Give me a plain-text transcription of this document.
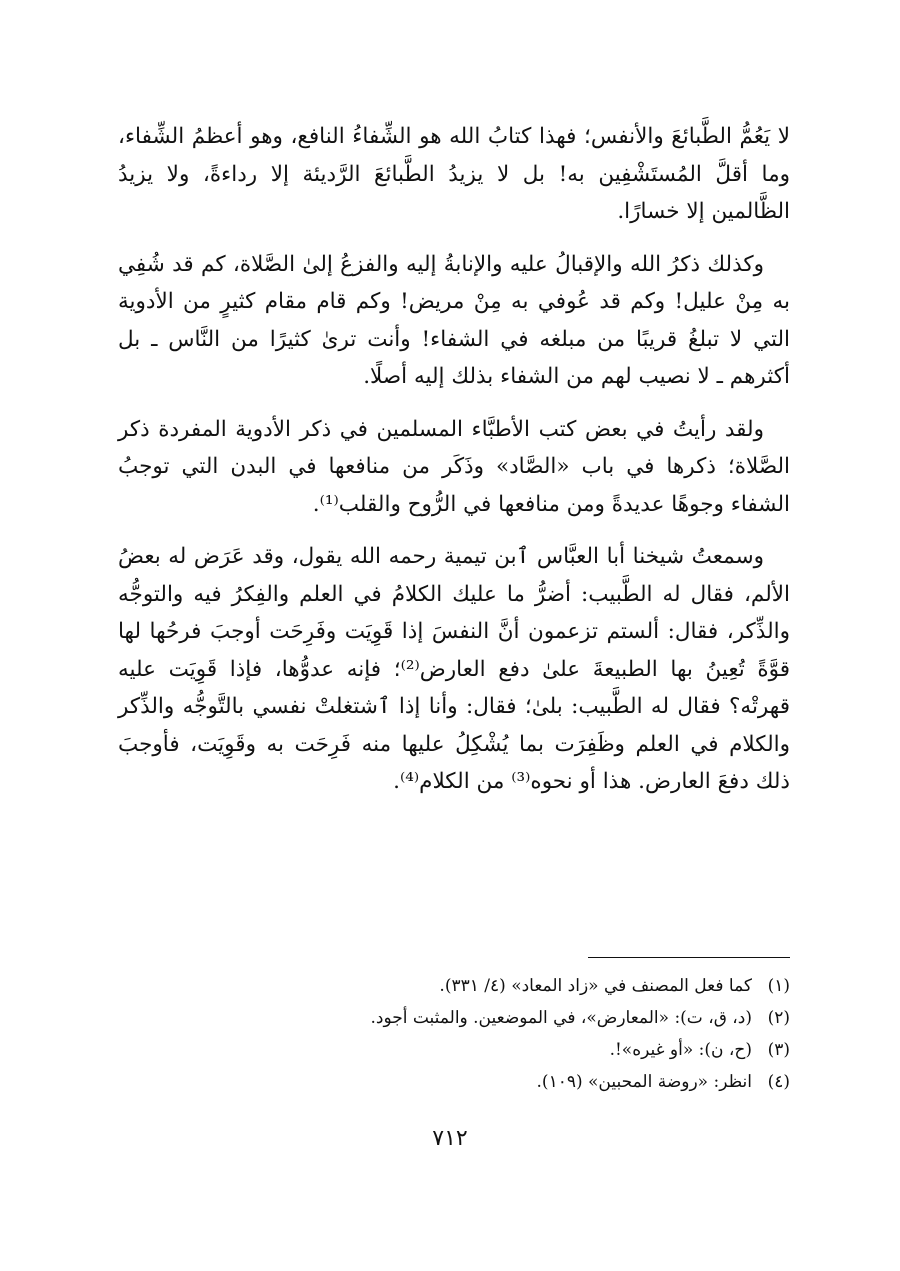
لا يَعُمُّ الطَّبائعَ والأنفس؛ فهذا كتابُ الله هو الشِّفاءُ النافع، وهو أعظمُ الشِّفاء، وما أقلَّ المُستَشْفِين به! بل لا يزيدُ الطَّبائعَ الرَّديئة إلا رداءةً، ولا يزيدُ الظَّالمين إلا خسارًا.

وكذلك ذكرُ الله والإقبالُ عليه والإنابةُ إليه والفزعُ إلىٰ الصَّلاة، كم قد شُفِي به مِنْ عليل! وكم قد عُوفي به مِنْ مريض! وكم قام مقام كثيرٍ من الأدوية التي لا تبلغُ قريبًا من مبلغه في الشفاء! وأنت ترىٰ كثيرًا من النَّاس ـ بل أكثرهم ـ لا نصيب لهم من الشفاء بذلك إليه أصلًا.

ولقد رأيتُ في بعض كتب الأطبَّاء المسلمين في ذكر الأدوية المفردة ذكر الصَّلاة؛ ذكرها في باب «الصَّاد» وذَكَر من منافعها في البدن التي توجبُ الشفاء وجوهًا عديدةً ومن منافعها في الرُّوح والقلب⁽¹⁾.

وسمعتُ شيخنا أبا العبَّاس ٱبن تيمية رحمه الله يقول، وقد عَرَض له بعضُ الألم، فقال له الطَّبيب: أضرُّ ما عليك الكلامُ في العلم والفِكرُ فيه والتوجُّه والذِّكر، فقال: ألستم تزعمون أنَّ النفسَ إذا قَوِيَت وفَرِحَت أوجبَ فرحُها لها قوَّةً تُعِينُ بها الطبيعةَ علىٰ دفع العارض⁽²⁾؛ فإنه عدوُّها، فإذا قَوِيَت عليه قهرتْه؟ فقال له الطَّبيب: بلىٰ؛ فقال: وأنا إذا ٱشتغلتْ نفسي بالتَّوجُّه والذِّكر والكلام في العلم وظَفِرَت بما يُشْكِلُ عليها منه فَرِحَت به وقَوِيَت، فأوجبَ ذلك دفعَ العارض. هذا أو نحوه⁽³⁾ من الكلام⁽⁴⁾.

(١)كما فعل المصنف في «زاد المعاد» (٤/ ٣٣١).

(٢)(د، ق، ت): «المعارض»، في الموضعين. والمثبت أجود.

(٣)(ح، ن): «أو غيره»!.

(٤)انظر: «روضة المحبين» (١٠٩).

٧١٢
